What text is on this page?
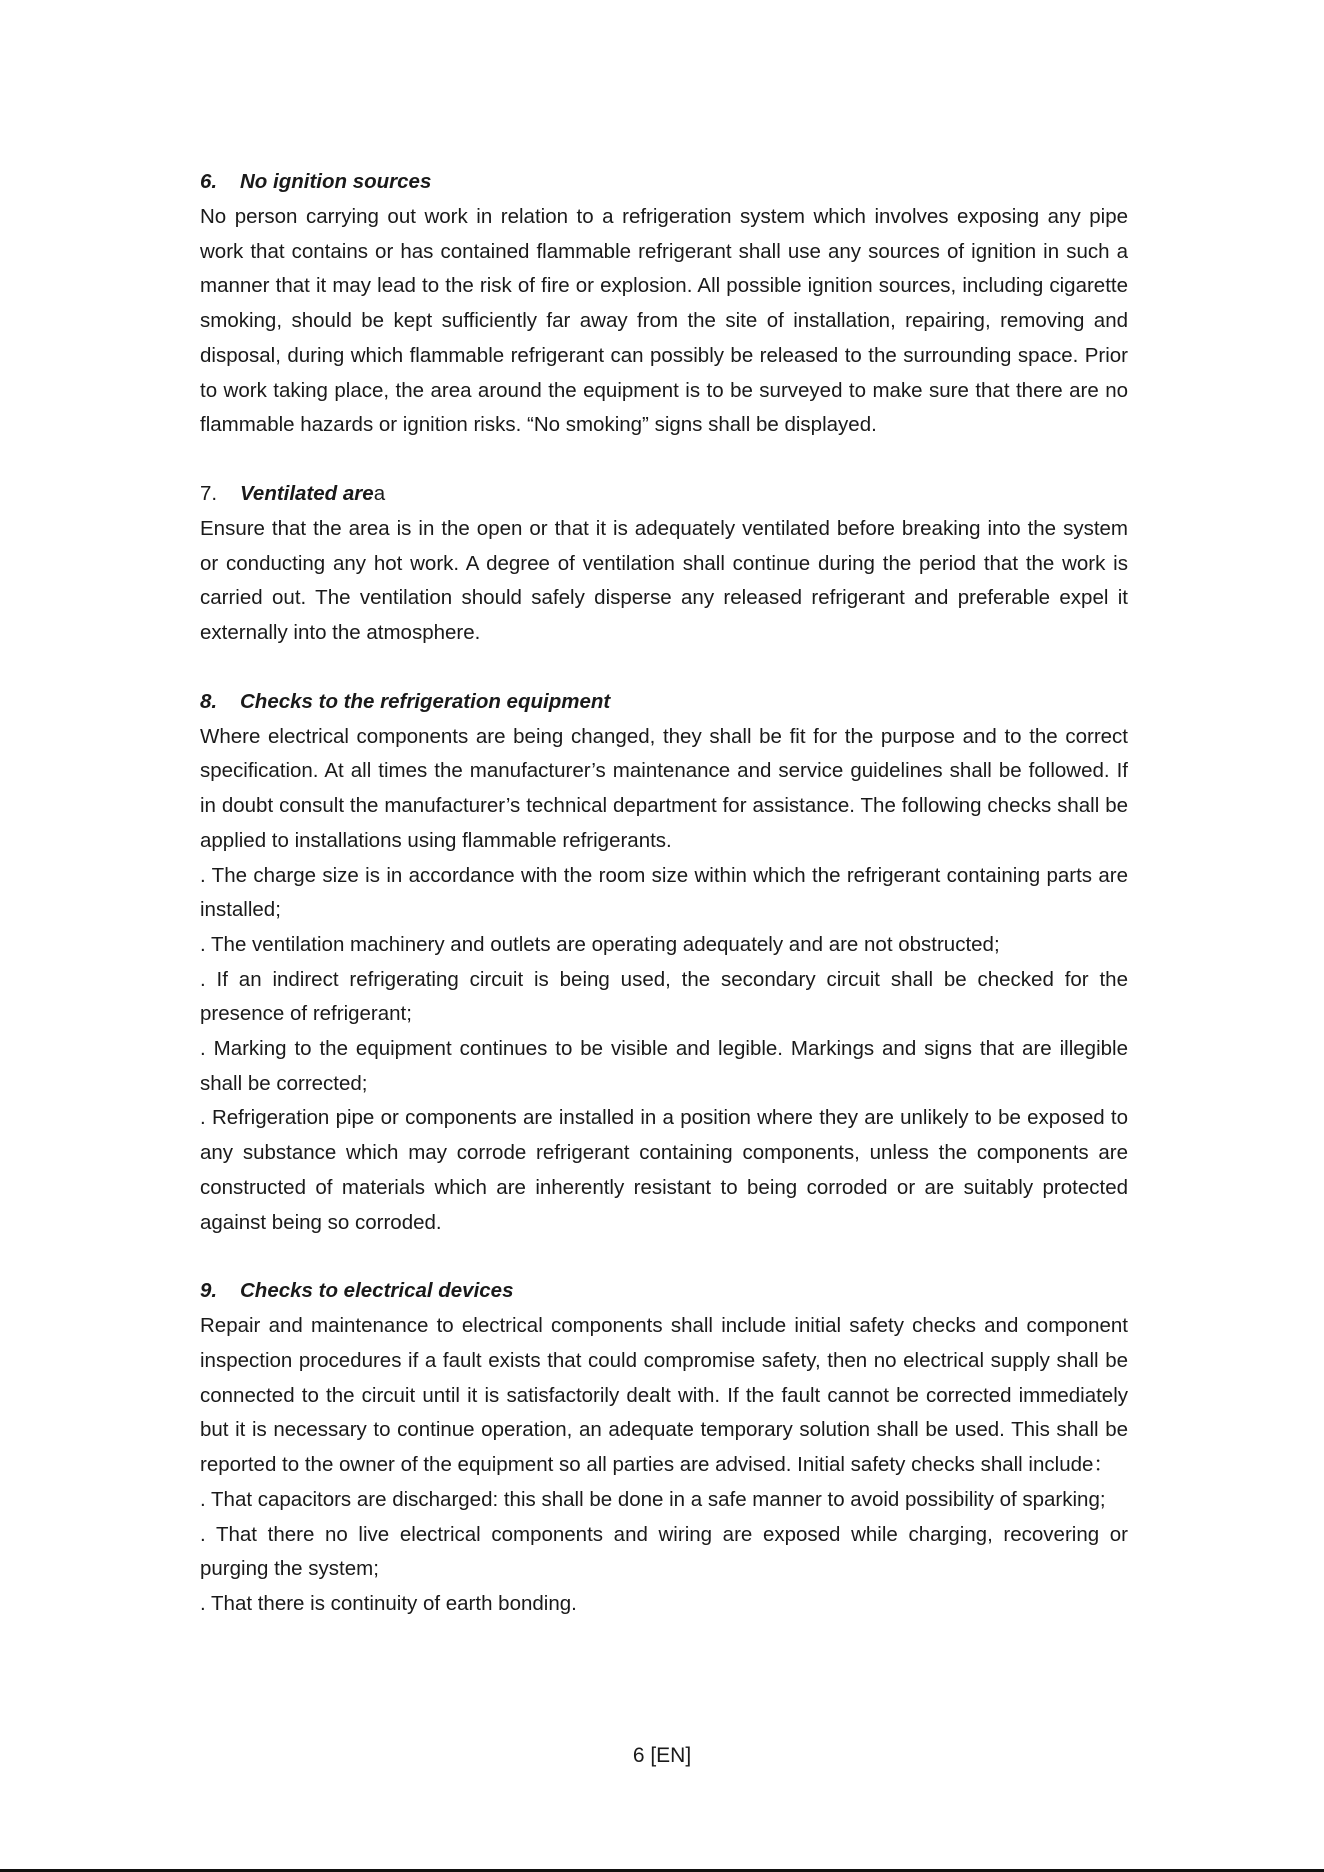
6. No ignition sources

No person carrying out work in relation to a refrigeration system which involves exposing any pipe work that contains or has contained flammable refrigerant shall use any sources of ignition in such a manner that it may lead to the risk of fire or explosion. All possible ignition sources, including cigarette smoking, should be kept sufficiently far away from the site of installation, repairing, removing and disposal, during which flammable refrigerant can possibly be released to the surrounding space. Prior to work taking place, the area around the equipment is to be surveyed to make sure that there are no flammable hazards or ignition risks. “No smoking” signs shall be displayed.

7. Ventilated area

Ensure that the area is in the open or that it is adequately ventilated before breaking into the system or conducting any hot work. A degree of ventilation shall continue during the period that the work is carried out. The ventilation should safely disperse any released refrigerant and preferable expel it externally into the atmosphere.

8. Checks to the refrigeration equipment

Where electrical components are being changed, they shall be fit for the purpose and to the correct specification. At all times the manufacturer’s maintenance and service guidelines shall be followed. If in doubt consult the manufacturer’s technical department for assistance. The following checks shall be applied to installations using flammable refrigerants.

. The charge size is in accordance with the room size within which the refrigerant containing parts are installed;

. The ventilation machinery and outlets are operating adequately and are not obstructed;

. If an indirect refrigerating circuit is being used, the secondary circuit shall be checked for the presence of refrigerant;

. Marking to the equipment continues to be visible and legible. Markings and signs that are illegible shall be corrected;

. Refrigeration pipe or components are installed in a position where they are unlikely to be exposed to any substance which may corrode refrigerant containing components, unless the components are constructed of materials which are inherently resistant to being corroded or are suitably protected against being so corroded.

9. Checks to electrical devices

Repair and maintenance to electrical components shall include initial safety checks and component inspection procedures if a fault exists that could compromise safety, then no electrical supply shall be connected to the circuit until it is satisfactorily dealt with. If the fault cannot be corrected immediately but it is necessary to continue operation, an adequate temporary solution shall be used. This shall be reported to the owner of the equipment so all parties are advised. Initial safety checks shall include：

. That capacitors are discharged: this shall be done in a safe manner to avoid possibility of sparking;

. That there no live electrical components and wiring are exposed while charging, recovering or purging the system;

. That there is continuity of earth bonding.

6 [EN]
